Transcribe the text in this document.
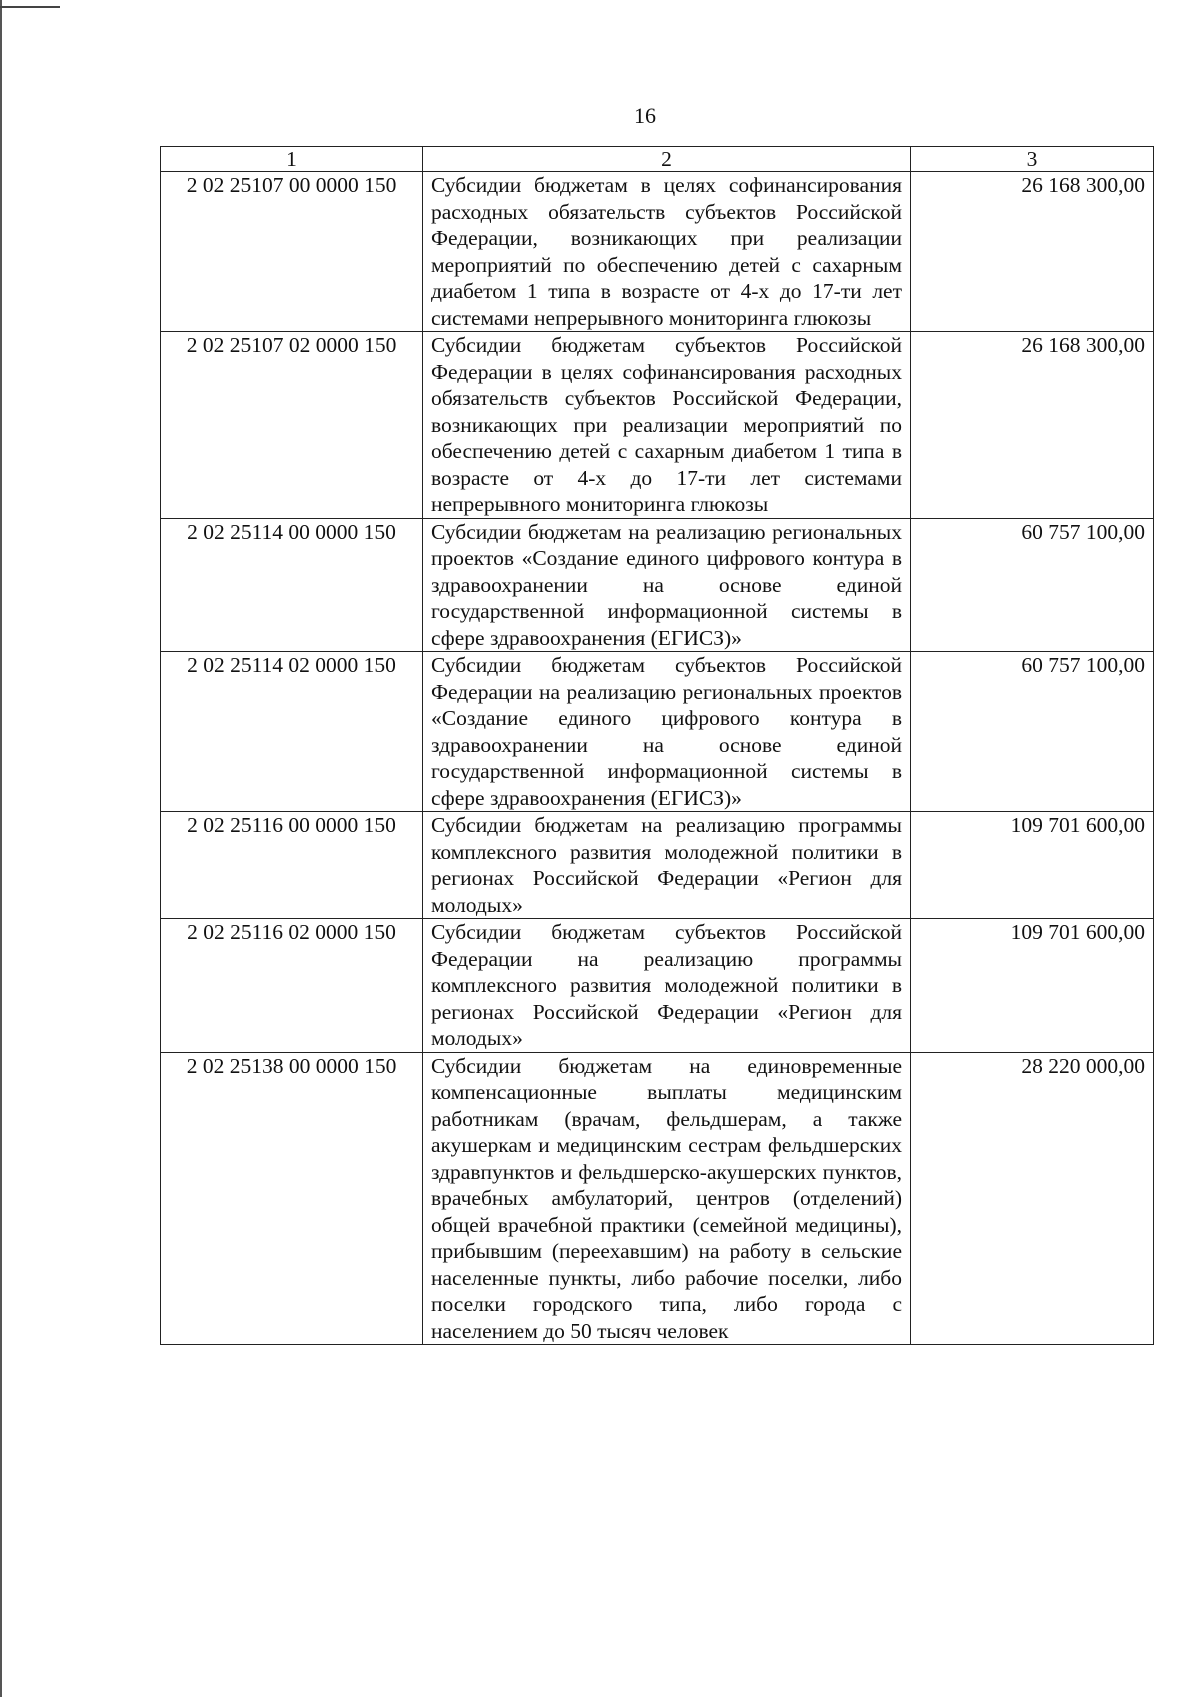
16
1	2	3
2 02 25107 00 0000 150	Субсидии бюджетам в целях софинансирования расходных обязательств субъектов Российской Федерации, возникающих при реализации мероприятий по обеспечению детей с сахарным диабетом 1 типа в возрасте от 4-х до 17-ти лет системами непрерывного мониторинга глюкозы	26 168 300,00
2 02 25107 02 0000 150	Субсидии бюджетам субъектов Российской Федерации в целях софинансирования расходных обязательств субъектов Российской Федерации, возникающих при реализации мероприятий по обеспечению детей с сахарным диабетом 1 типа в возрасте от 4-х до 17-ти лет системами непрерывного мониторинга глюкозы	26 168 300,00
2 02 25114 00 0000 150	Субсидии бюджетам на реализацию региональных проектов «Создание единого цифрового контура в здравоохранении на основе единой государственной информационной системы в сфере здравоохранения (ЕГИСЗ)»	60 757 100,00
2 02 25114 02 0000 150	Субсидии бюджетам субъектов Российской Федерации на реализацию региональных проектов «Создание единого цифрового контура в здравоохранении на основе единой государственной информационной системы в сфере здравоохранения (ЕГИСЗ)»	60 757 100,00
2 02 25116 00 0000 150	Субсидии бюджетам на реализацию программы комплексного развития молодежной политики в регионах Российской Федерации «Регион для молодых»	109 701 600,00
2 02 25116 02 0000 150	Субсидии бюджетам субъектов Российской Федерации на реализацию программы комплексного развития молодежной политики в регионах Российской Федерации «Регион для молодых»	109 701 600,00
2 02 25138 00 0000 150	Субсидии бюджетам на единовременные компенсационные выплаты медицинским работникам (врачам, фельдшерам, а также акушеркам и медицинским сестрам фельдшерских здравпунктов и фельдшерско-акушерских пунктов, врачебных амбулаторий, центров (отделений) общей врачебной практики (семейной медицины), прибывшим (переехавшим) на работу в сельские населенные пункты, либо рабочие поселки, либо поселки городского типа, либо города с населением до 50 тысяч человек	28 220 000,00
